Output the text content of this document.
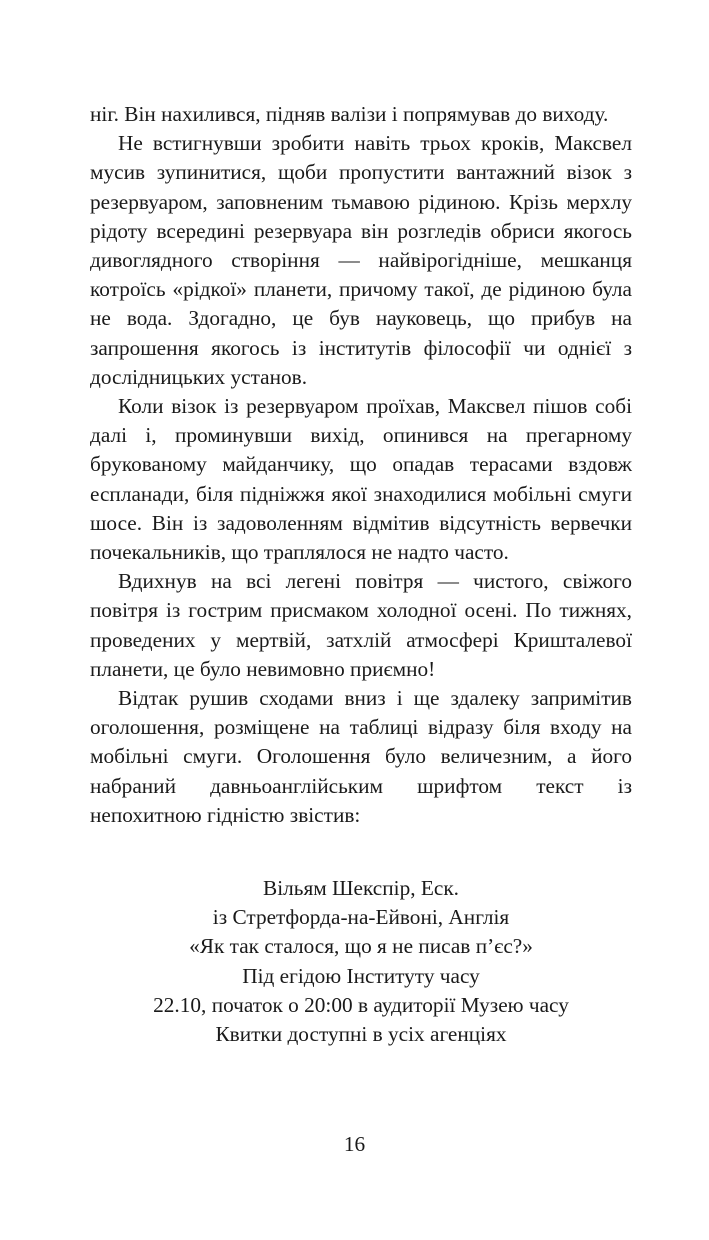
ніг. Він нахилився, підняв валізи і попрямував до виходу.

Не встигнувши зробити навіть трьох кроків, Максвел мусив зупинитися, щоби пропустити вантажний візок з резервуаром, заповненим тьмавою рідиною. Крізь мерхлу рідоту всередині резервуара він розгледів обриси якогось дивоглядного створіння — найвірогідніше, мешканця котроїсь «рідкої» планети, причому такої, де рідиною була не вода. Здогадно, це був науковець, що прибув на запрошення якогось із інститутів філософії чи однієї з дослідницьких установ.

Коли візок із резервуаром проїхав, Максвел пішов собі далі і, проминувши вихід, опинився на прегарному брукованому майданчику, що опадав терасами вздовж еспланади, біля підніжжя якої знаходилися мобільні смуги шосе. Він із задоволенням відмітив відсутність вервечки почекальників, що траплялося не надто часто.

Вдихнув на всі легені повітря — чистого, свіжого повітря із гострим присмаком холодної осені. По тижнях, проведених у мертвій, затхлій атмосфері Кришталевої планети, це було невимовно приємно!

Відтак рушив сходами вниз і ще здалеку запримітив оголошення, розміщене на таблиці відразу біля входу на мобільні смуги. Оголошення було величезним, а його набраний давньоанглійським шрифтом текст із непохитною гідністю звістив:

Вільям Шекспір, Еск.
із Стретфорда-на-Ейвоні, Англія
«Як так сталося, що я не писав п’єс?»
Під егідою Інституту часу
22.10, початок о 20:00 в аудиторії Музею часу
Квитки доступні в усіх агенціях
16
